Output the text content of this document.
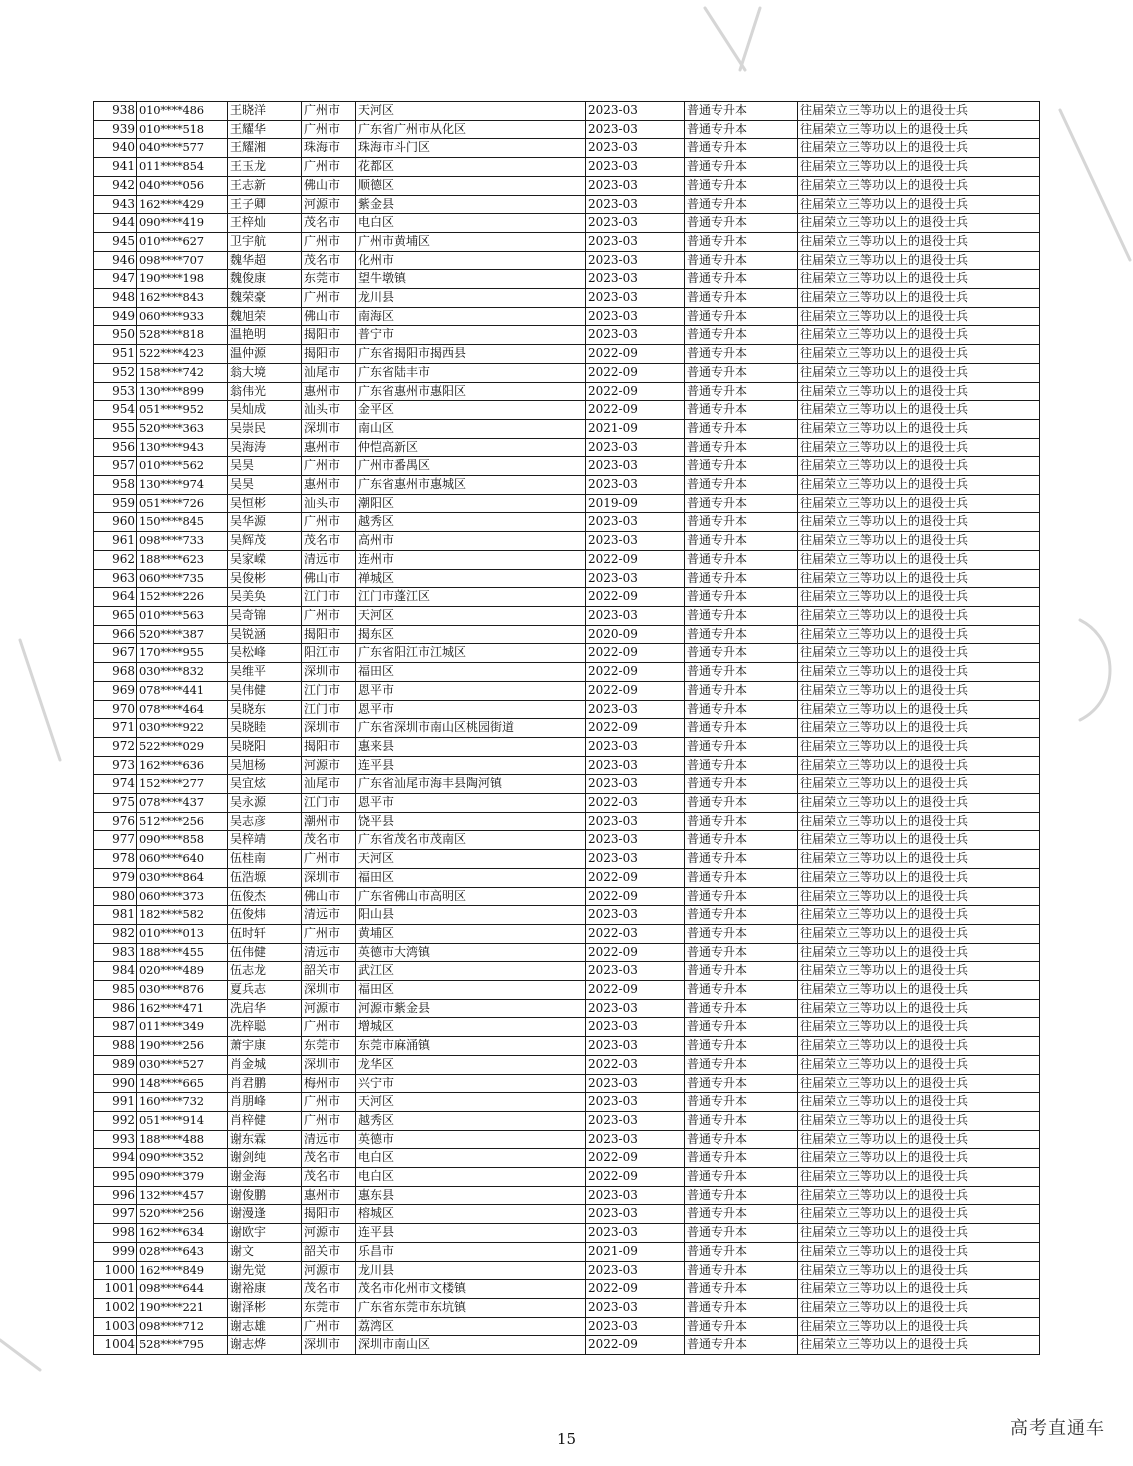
938	010****486	王晓洋	广州市	天河区	2023-03	普通专升本	往届荣立三等功以上的退役士兵
939	010****518	王耀华	广州市	广东省广州市从化区	2023-03	普通专升本	往届荣立三等功以上的退役士兵
940	040****577	王耀湘	珠海市	珠海市斗门区	2023-03	普通专升本	往届荣立三等功以上的退役士兵
941	011****854	王玉龙	广州市	花都区	2023-03	普通专升本	往届荣立三等功以上的退役士兵
942	040****056	王志新	佛山市	顺德区	2023-03	普通专升本	往届荣立三等功以上的退役士兵
943	162****429	王子卿	河源市	紫金县	2023-03	普通专升本	往届荣立三等功以上的退役士兵
944	090****419	王梓灿	茂名市	电白区	2023-03	普通专升本	往届荣立三等功以上的退役士兵
945	010****627	卫宇航	广州市	广州市黄埔区	2023-03	普通专升本	往届荣立三等功以上的退役士兵
946	098****707	魏华超	茂名市	化州市	2023-03	普通专升本	往届荣立三等功以上的退役士兵
947	190****198	魏俊康	东莞市	望牛墩镇	2023-03	普通专升本	往届荣立三等功以上的退役士兵
948	162****843	魏荣豪	广州市	龙川县	2023-03	普通专升本	往届荣立三等功以上的退役士兵
949	060****933	魏旭荣	佛山市	南海区	2023-03	普通专升本	往届荣立三等功以上的退役士兵
950	528****818	温艳明	揭阳市	普宁市	2023-03	普通专升本	往届荣立三等功以上的退役士兵
951	522****423	温仲源	揭阳市	广东省揭阳市揭西县	2022-09	普通专升本	往届荣立三等功以上的退役士兵
952	158****742	翁大境	汕尾市	广东省陆丰市	2022-09	普通专升本	往届荣立三等功以上的退役士兵
953	130****899	翁伟光	惠州市	广东省惠州市惠阳区	2022-09	普通专升本	往届荣立三等功以上的退役士兵
954	051****952	吴灿成	汕头市	金平区	2022-09	普通专升本	往届荣立三等功以上的退役士兵
955	520****363	吴崇民	深圳市	南山区	2021-09	普通专升本	往届荣立三等功以上的退役士兵
956	130****943	吴海涛	惠州市	仲恺高新区	2023-03	普通专升本	往届荣立三等功以上的退役士兵
957	010****562	吴昊	广州市	广州市番禺区	2023-03	普通专升本	往届荣立三等功以上的退役士兵
958	130****974	吴昊	惠州市	广东省惠州市惠城区	2023-03	普通专升本	往届荣立三等功以上的退役士兵
959	051****726	吴恒彬	汕头市	潮阳区	2019-09	普通专升本	往届荣立三等功以上的退役士兵
960	150****845	吴华源	广州市	越秀区	2023-03	普通专升本	往届荣立三等功以上的退役士兵
961	098****733	吴辉茂	茂名市	高州市	2023-03	普通专升本	往届荣立三等功以上的退役士兵
962	188****623	吴家嵘	清远市	连州市	2022-09	普通专升本	往届荣立三等功以上的退役士兵
963	060****735	吴俊彬	佛山市	禅城区	2023-03	普通专升本	往届荣立三等功以上的退役士兵
964	152****226	吴美奂	江门市	江门市蓬江区	2022-09	普通专升本	往届荣立三等功以上的退役士兵
965	010****563	吴奇锦	广州市	天河区	2023-03	普通专升本	往届荣立三等功以上的退役士兵
966	520****387	吴锐涵	揭阳市	揭东区	2020-09	普通专升本	往届荣立三等功以上的退役士兵
967	170****955	吴松峰	阳江市	广东省阳江市江城区	2022-09	普通专升本	往届荣立三等功以上的退役士兵
968	030****832	吴维平	深圳市	福田区	2022-09	普通专升本	往届荣立三等功以上的退役士兵
969	078****441	吴伟健	江门市	恩平市	2022-09	普通专升本	往届荣立三等功以上的退役士兵
970	078****464	吴晓东	江门市	恩平市	2023-03	普通专升本	往届荣立三等功以上的退役士兵
971	030****922	吴晓睦	深圳市	广东省深圳市南山区桃园街道	2022-09	普通专升本	往届荣立三等功以上的退役士兵
972	522****029	吴晓阳	揭阳市	惠来县	2023-03	普通专升本	往届荣立三等功以上的退役士兵
973	162****636	吴旭杨	河源市	连平县	2023-03	普通专升本	往届荣立三等功以上的退役士兵
974	152****277	吴宜炫	汕尾市	广东省汕尾市海丰县陶河镇	2023-03	普通专升本	往届荣立三等功以上的退役士兵
975	078****437	吴永源	江门市	恩平市	2022-03	普通专升本	往届荣立三等功以上的退役士兵
976	512****256	吴志彦	潮州市	饶平县	2023-03	普通专升本	往届荣立三等功以上的退役士兵
977	090****858	吴梓靖	茂名市	广东省茂名市茂南区	2023-03	普通专升本	往届荣立三等功以上的退役士兵
978	060****640	伍桂南	广州市	天河区	2023-03	普通专升本	往届荣立三等功以上的退役士兵
979	030****864	伍浩塬	深圳市	福田区	2022-09	普通专升本	往届荣立三等功以上的退役士兵
980	060****373	伍俊杰	佛山市	广东省佛山市高明区	2022-09	普通专升本	往届荣立三等功以上的退役士兵
981	182****582	伍俊炜	清远市	阳山县	2023-03	普通专升本	往届荣立三等功以上的退役士兵
982	010****013	伍时轩	广州市	黄埔区	2022-03	普通专升本	往届荣立三等功以上的退役士兵
983	188****455	伍伟健	清远市	英德市大湾镇	2022-09	普通专升本	往届荣立三等功以上的退役士兵
984	020****489	伍志龙	韶关市	武江区	2023-03	普通专升本	往届荣立三等功以上的退役士兵
985	030****876	夏兵志	深圳市	福田区	2022-09	普通专升本	往届荣立三等功以上的退役士兵
986	162****471	冼启华	河源市	河源市紫金县	2023-03	普通专升本	往届荣立三等功以上的退役士兵
987	011****349	冼梓聪	广州市	增城区	2023-03	普通专升本	往届荣立三等功以上的退役士兵
988	190****256	萧宇康	东莞市	东莞市麻涌镇	2023-03	普通专升本	往届荣立三等功以上的退役士兵
989	030****527	肖金城	深圳市	龙华区	2022-03	普通专升本	往届荣立三等功以上的退役士兵
990	148****665	肖君鹏	梅州市	兴宁市	2023-03	普通专升本	往届荣立三等功以上的退役士兵
991	160****732	肖朋峰	广州市	天河区	2023-03	普通专升本	往届荣立三等功以上的退役士兵
992	051****914	肖梓健	广州市	越秀区	2023-03	普通专升本	往届荣立三等功以上的退役士兵
993	188****488	谢东霖	清远市	英德市	2023-03	普通专升本	往届荣立三等功以上的退役士兵
994	090****352	谢剑纯	茂名市	电白区	2022-09	普通专升本	往届荣立三等功以上的退役士兵
995	090****379	谢金海	茂名市	电白区	2022-09	普通专升本	往届荣立三等功以上的退役士兵
996	132****457	谢俊鹏	惠州市	惠东县	2023-03	普通专升本	往届荣立三等功以上的退役士兵
997	520****256	谢漫逢	揭阳市	榕城区	2023-03	普通专升本	往届荣立三等功以上的退役士兵
998	162****634	谢欧宇	河源市	连平县	2023-03	普通专升本	往届荣立三等功以上的退役士兵
999	028****643	谢文	韶关市	乐昌市	2021-09	普通专升本	往届荣立三等功以上的退役士兵
1000	162****849	谢先觉	河源市	龙川县	2023-03	普通专升本	往届荣立三等功以上的退役士兵
1001	098****644	谢裕康	茂名市	茂名市化州市文楼镇	2022-09	普通专升本	往届荣立三等功以上的退役士兵
1002	190****221	谢泽彬	东莞市	广东省东莞市东坑镇	2023-03	普通专升本	往届荣立三等功以上的退役士兵
1003	098****712	谢志雄	广州市	荔湾区	2023-03	普通专升本	往届荣立三等功以上的退役士兵
1004	528****795	谢志烨	深圳市	深圳市南山区	2022-09	普通专升本	往届荣立三等功以上的退役士兵
15	高考直通车
